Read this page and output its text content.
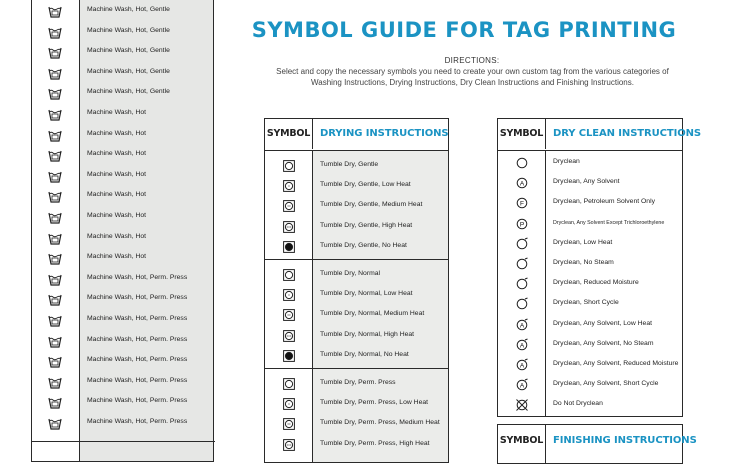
Machine Wash, Hot, Gentle
Machine Wash, Hot, Gentle
Machine Wash, Hot, Gentle
Machine Wash, Hot, Gentle
Machine Wash, Hot, Gentle
Machine Wash, Hot
Machine Wash, Hot
Machine Wash, Hot
Machine Wash, Hot
Machine Wash, Hot
Machine Wash, Hot
Machine Wash, Hot
Machine Wash, Hot
Machine Wash, Hot, Perm. Press
Machine Wash, Hot, Perm. Press
Machine Wash, Hot, Perm. Press
Machine Wash, Hot, Perm. Press
Machine Wash, Hot, Perm. Press
Machine Wash, Hot, Perm. Press
Machine Wash, Hot, Perm. Press
Machine Wash, Hot, Perm. Press
SYMBOL GUIDE FOR TAG PRINTING
DIRECTIONS:
Select and copy the necessary symbols you need to create your own custom tag from the various categories of Washing Instructions, Drying Instructions, Dry Clean Instructions and Finishing Instructions.
SYMBOL DRYING INSTRUCTIONS
Tumble Dry, Gentle
Tumble Dry, Gentle, Low Heat
Tumble Dry, Gentle, Medium Heat
Tumble Dry, Gentle, High Heat
Tumble Dry, Gentle, No Heat
Tumble Dry, Normal
Tumble Dry, Normal, Low Heat
Tumble Dry, Normal, Medium Heat
Tumble Dry, Normal, High Heat
Tumble Dry, Normal, No Heat
Tumble Dry, Perm. Press
Tumble Dry, Perm. Press, Low Heat
Tumble Dry, Perm. Press, Medium Heat
Tumble Dry, Perm. Press, High Heat
SYMBOL DRY CLEAN INSTRUCTIONS
Dryclean
A	Dryclean, Any Solvent
F	Dryclean, Petroleum Solvent Only
P	Dryclean, Any Solvent Except Trichloroethylene
Dryclean, Low Heat
Dryclean, No Steam
Dryclean, Reduced Moisture
Dryclean, Short Cycle
A	Dryclean, Any Solvent, Low Heat
A	Dryclean, Any Solvent, No Steam
A	Dryclean, Any Solvent, Reduced Moisture
A	Dryclean, Any Solvent, Short Cycle
Do Not Dryclean
SYMBOL FINISHING INSTRUCTIONS
